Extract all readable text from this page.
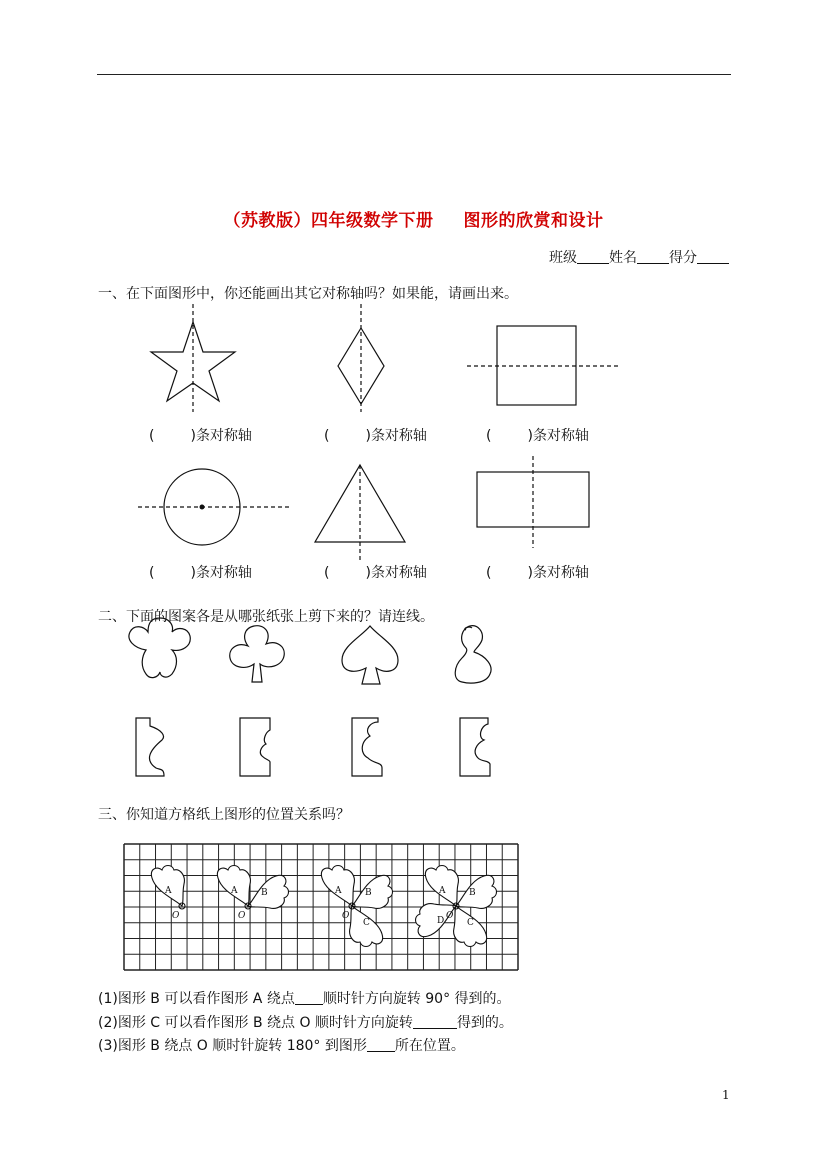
（苏教版）四年级数学下册 图形的欣赏和设计
班级 姓名 得分
一、在下面图形中，你还能画出其它对称轴吗？如果能，请画出来。
(	)条对称轴	(	)条对称轴	(	)条对称轴
(	)条对称轴	(	)条对称轴	(	)条对称轴
二、下面的图案各是从哪张纸张上剪下来的？请连线。
三、你知道方格纸上图形的位置关系吗？
A
O
A	B
O
A	B
C
O
A	B
C
D O
(1)图形 B 可以看作图形 A 绕点 顺时针方向旋转 90° 得到的。
(2)图形 C 可以看作图形 B 绕点 O 顺时针方向旋转	得到的。
(3)图形 B 绕点 O 顺时针旋转 180° 到图形 所在位置。
1
